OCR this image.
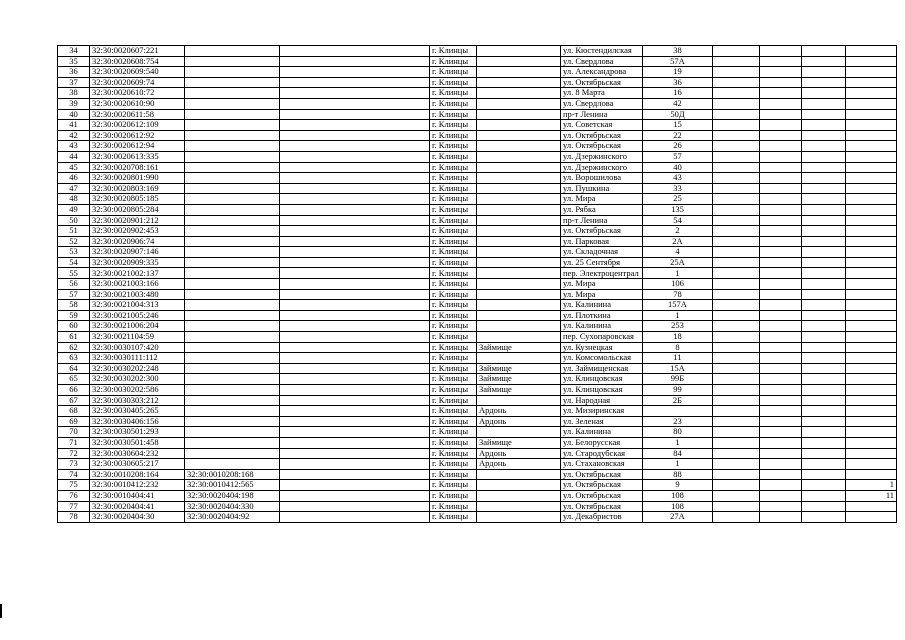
34	32:30:0020607:221			г. Клинцы		ул. Кюстендилская	38				
35	32:30:0020608:754			г. Клинцы		ул. Свердлова	57А				
36	32:30:0020609:540			г. Клинцы		ул. Александрова	19				
37	32:30:0020609:74			г. Клинцы		ул. Октябрьская	36				
38	32:30:0020610:72			г. Клинцы		ул. 8 Марта	16				
39	32:30:0020610:90			г. Клинцы		ул. Свердлова	42				
40	32:30:0020611:58			г. Клинцы		пр-т Ленина	50Д				
41	32:30:0020612:109			г. Клинцы		ул. Советская	15				
42	32:30:0020612:92			г. Клинцы		ул. Октябрьская	22				
43	32:30:0020612:94			г. Клинцы		ул. Октябрьская	26				
44	32:30:0020613:335			г. Клинцы		ул. Дзержинского	57				
45	32:30:0020708:161			г. Клинцы		ул. Дзержинского	40				
46	32:30:0020801:990			г. Клинцы		ул. Ворошилова	43				
47	32:30:0020803:169			г. Клинцы		ул. Пушкина	33				
48	32:30:0020805:185			г. Клинцы		ул. Мира	25				
49	32:30:0020805:284			г. Клинцы		ул. Рябка	135				
50	32:30:0020901:212			г. Клинцы		пр-т Ленина	54				
51	32:30:0020902:453			г. Клинцы		ул. Октябрьская	2				
52	32:30:0020906:74			г. Клинцы		ул. Парковая	2А				
53	32:30:0020907:146			г. Клинцы		ул. Складочная	4				
54	32:30:0020909:335			г. Клинцы		ул. 25 Сентября	25А				
55	32:30:0021002:137			г. Клинцы		пер. Электроцентрал	1				
56	32:30:0021003:166			г. Клинцы		ул. Мира	106				
57	32:30:0021003:480			г. Клинцы		ул. Мира	78				
58	32:30:0021004:313			г. Клинцы		ул. Калинина	157А				
59	32:30:0021005:246			г. Клинцы		ул. Плоткина	1				
60	32:30:0021006:204			г. Клинцы		ул. Калинина	253				
61	32:30:0021104:59			г. Клинцы		пер. Сухопаровская	18				
62	32:30:0030107:420			г. Клинцы	Займище	ул. Кузнецкая	8				
63	32:30:0030111:112			г. Клинцы		ул. Комсомольская	11				
64	32:30:0030202:248			г. Клинцы	Займище	ул. Займищенская	15А				
65	32:30:0030202:300			г. Клинцы	Займище	ул. Клинцовская	99Б				
66	32:30:0030202:586			г. Клинцы	Займище	ул. Клинцовская	99				
67	32:30:0030303:212			г. Клинцы		ул. Народная	2Б				
68	32:30:0030405:265			г. Клинцы	Ардонь	ул. Мизиринская					
69	32:30:0030406:156			г. Клинцы	Ардонь	ул. Зеленая	23				
70	32:30:0030501:293			г. Клинцы		ул. Калинина	80				
71	32:30:0030501:458			г. Клинцы	Займище	ул. Белорусская	1				
72	32:30:0030604:232			г. Клинцы	Ардонь	ул. Стародубская	84				
73	32:30:0030605:217			г. Клинцы	Ардонь	ул. Стахановская	1				
74	32:30:0010208:164	32:30:0010208:168		г. Клинцы		ул. Октябрьская	88				
75	32:30:0010412:232	32:30:0010412:565		г. Клинцы		ул. Октябрьская	9				1
76	32:30:0010404:41	32:30:0020404:198		г. Клинцы		ул. Октябрьская	108				11
77	32:30:0020404:41	32:30:0020404:330		г. Клинцы		ул. Октябрьская	108				
78	32:30:0020404:30	32:30:0020404:92		г. Клинцы		ул. Декабристов	27А				
